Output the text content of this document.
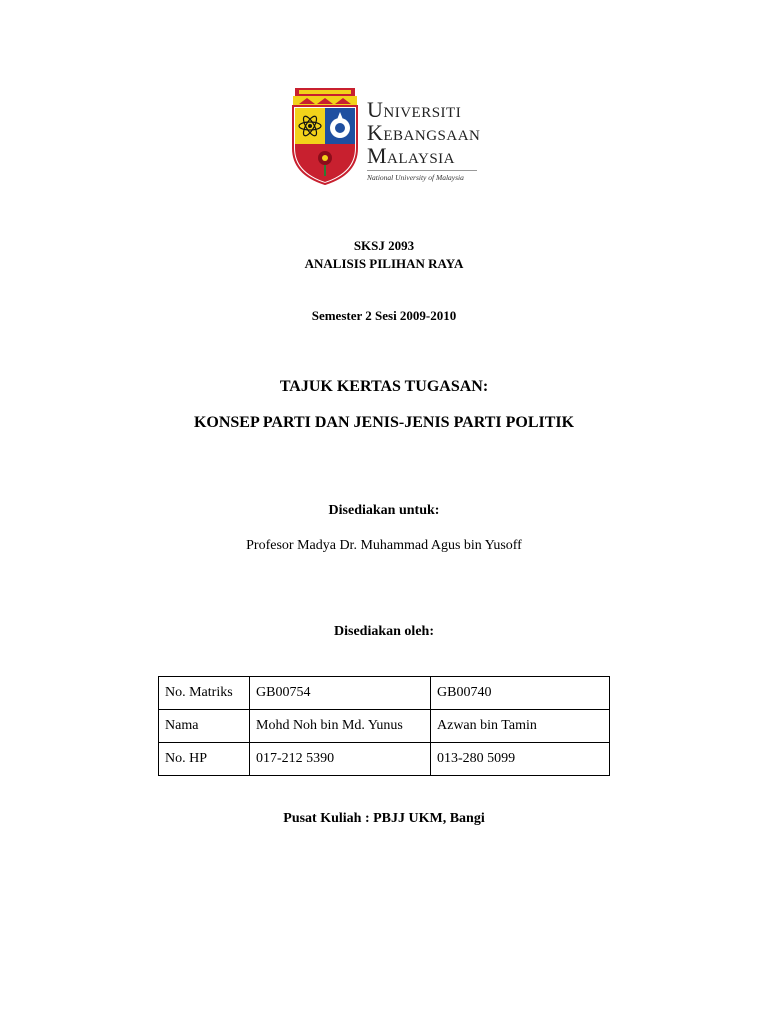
Universiti
Kebangsaan
Malaysia
National University of Malaysia
SKSJ 2093
ANALISIS PILIHAN RAYA
Semester 2 Sesi 2009-2010
TAJUK KERTAS TUGASAN:
KONSEP PARTI DAN JENIS-JENIS PARTI POLITIK
Disediakan untuk:
Profesor Madya Dr. Muhammad Agus bin Yusoff
Disediakan oleh:
No. Matriks	GB00754	GB00740
Nama	Mohd Noh bin Md. Yunus	Azwan bin Tamin
No. HP	017-212 5390	013-280 5099
Pusat Kuliah : PBJJ UKM, Bangi
